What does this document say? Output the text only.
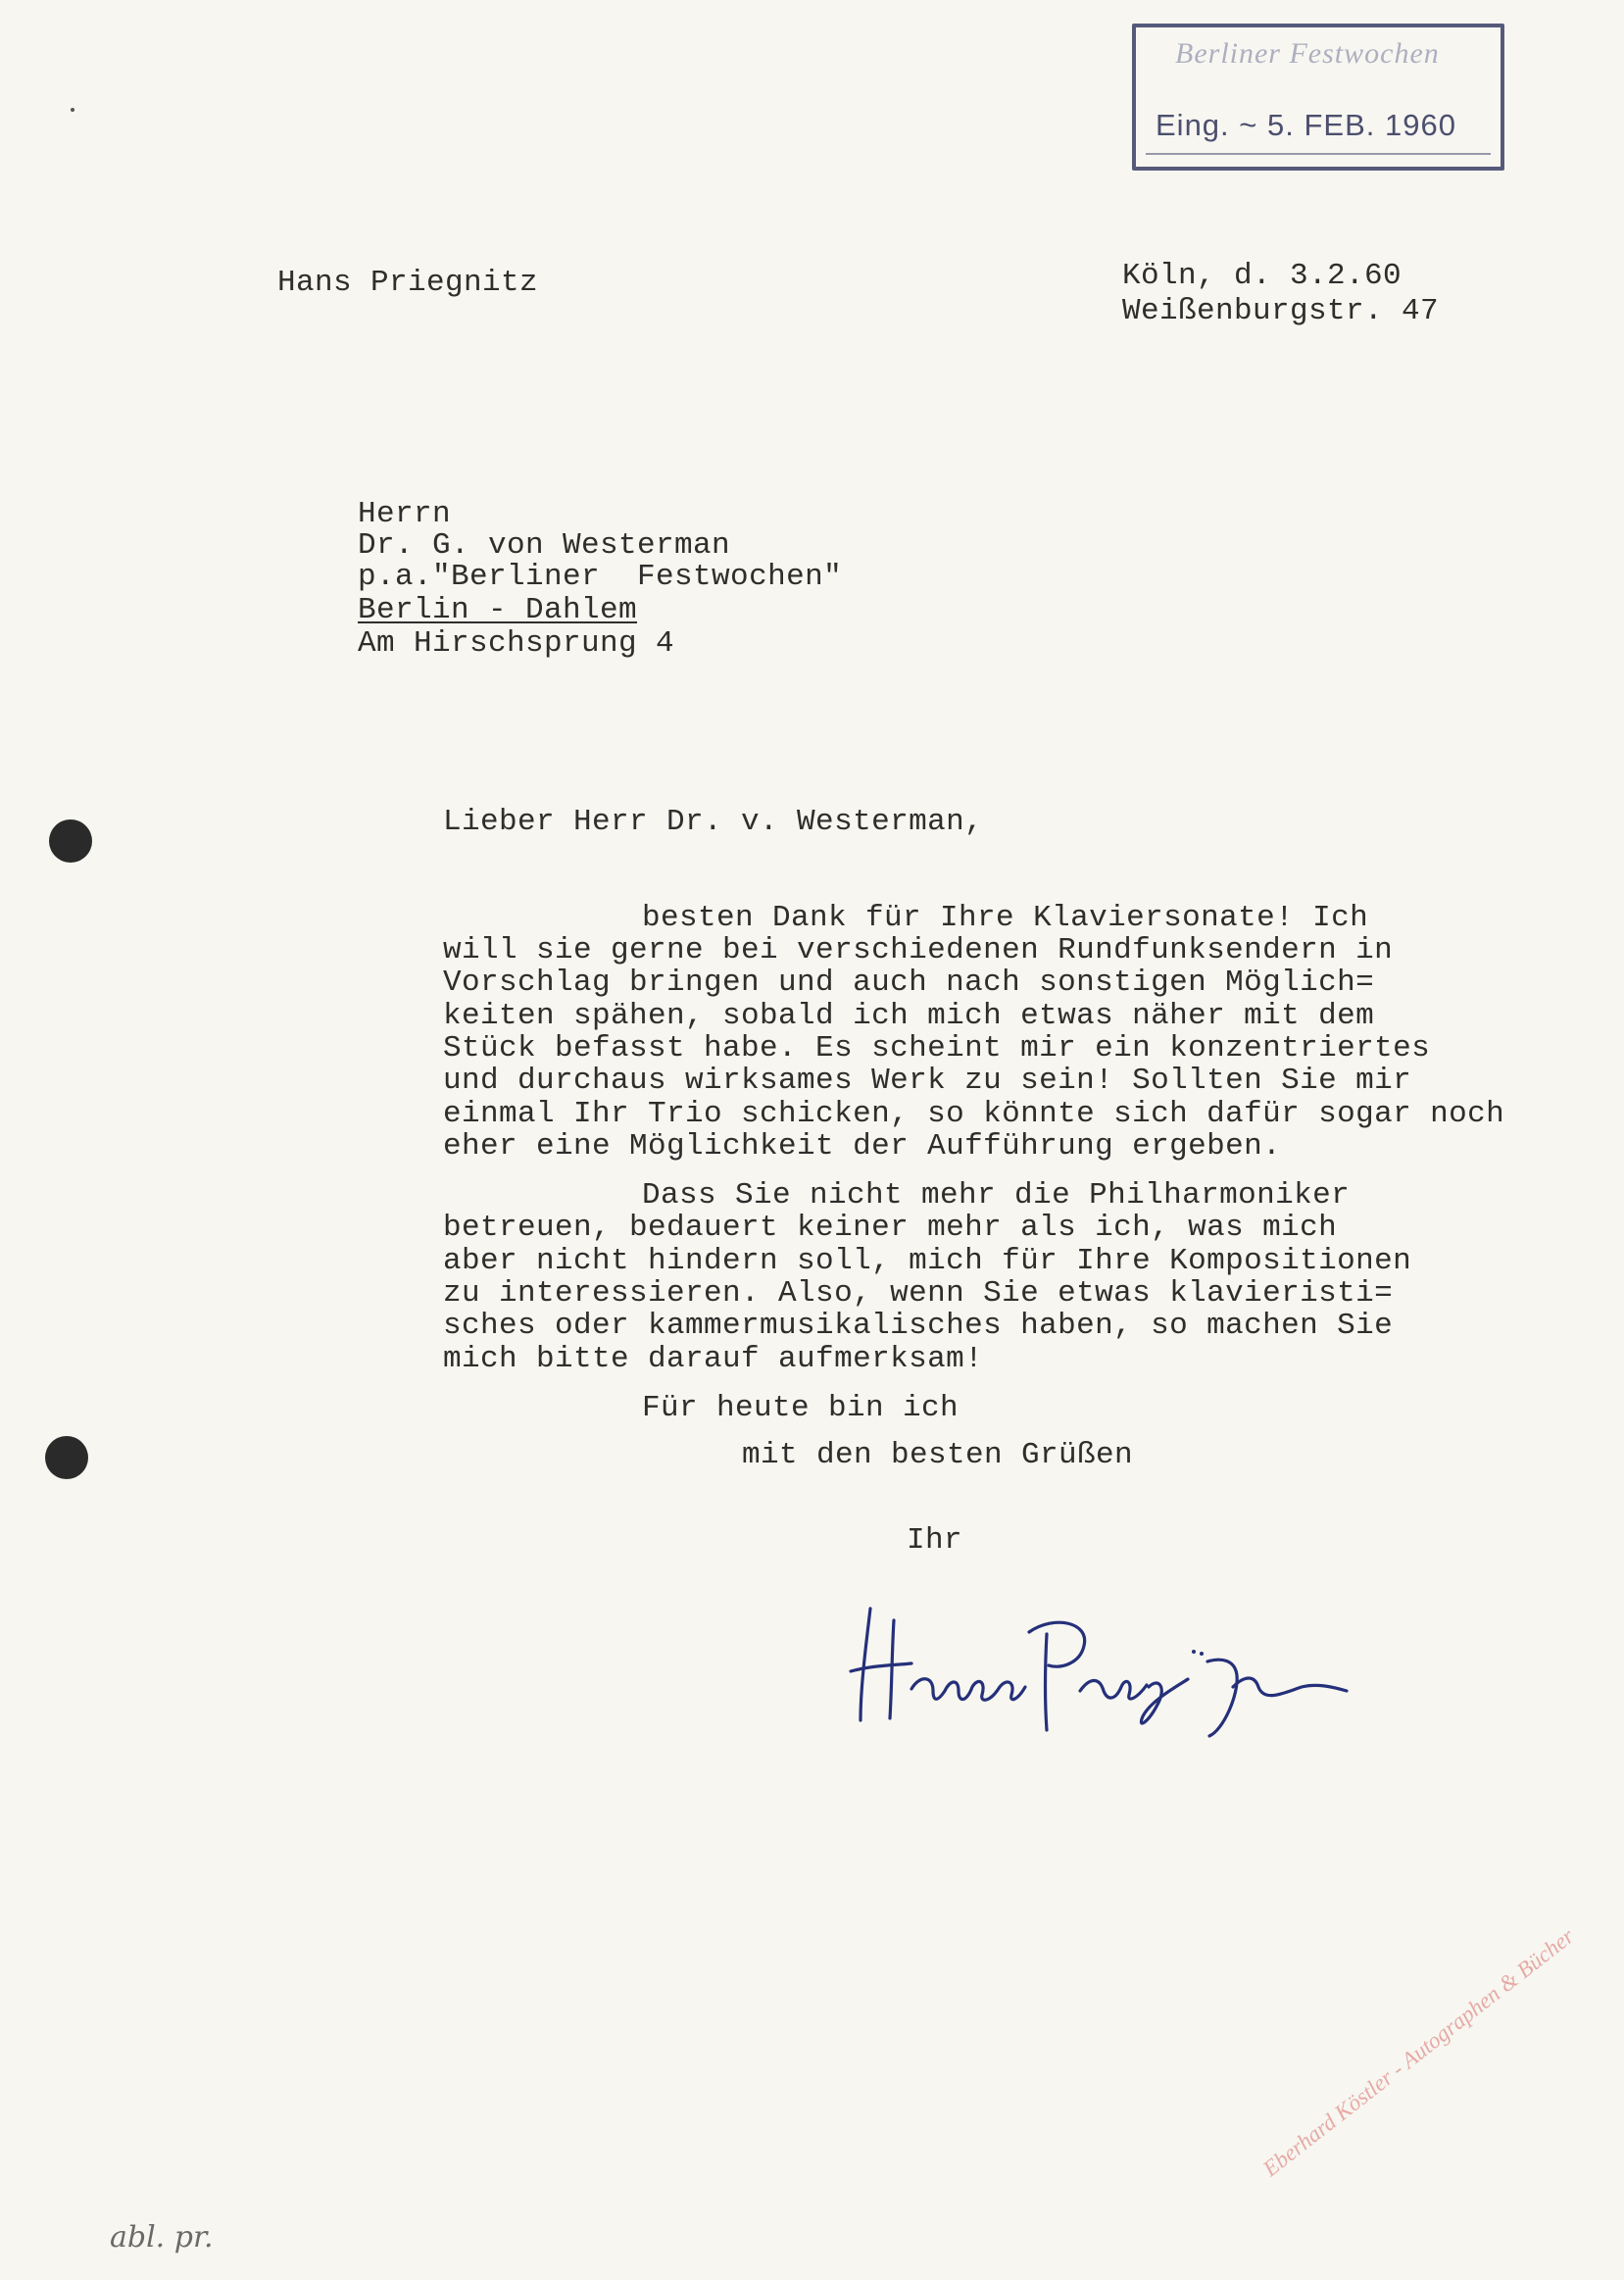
Berliner Festwochen
Eing. ~ 5. FEB. 1960
Hans Priegnitz	Köln, d. 3.2.60
Weißenburgstr. 47
Herrn
Dr. G. von Westerman
p.a."Berliner  Festwochen"
Berlin - Dahlem
Am Hirschsprung 4
Lieber Herr Dr. v. Westerman,
besten Dank für Ihre Klaviersonate! Ich
will sie gerne bei verschiedenen Rundfunksendern in
Vorschlag bringen und auch nach sonstigen Möglich=
keiten spähen, sobald ich mich etwas näher mit dem
Stück befasst habe. Es scheint mir ein konzentriertes
und durchaus wirksames Werk zu sein! Sollten Sie mir
einmal Ihr Trio schicken, so könnte sich dafür sogar noch
eher eine Möglichkeit der Aufführung ergeben.
Dass Sie nicht mehr die Philharmoniker
betreuen, bedauert keiner mehr als ich, was mich
aber nicht hindern soll, mich für Ihre Kompositionen
zu interessieren. Also, wenn Sie etwas klavieristi=
sches oder kammermusikalisches haben, so machen Sie
mich bitte darauf aufmerksam!
Für heute bin ich
mit den besten Grüßen
Ihr
abl. pr.
Eberhard Köstler - Autographen & Bücher
